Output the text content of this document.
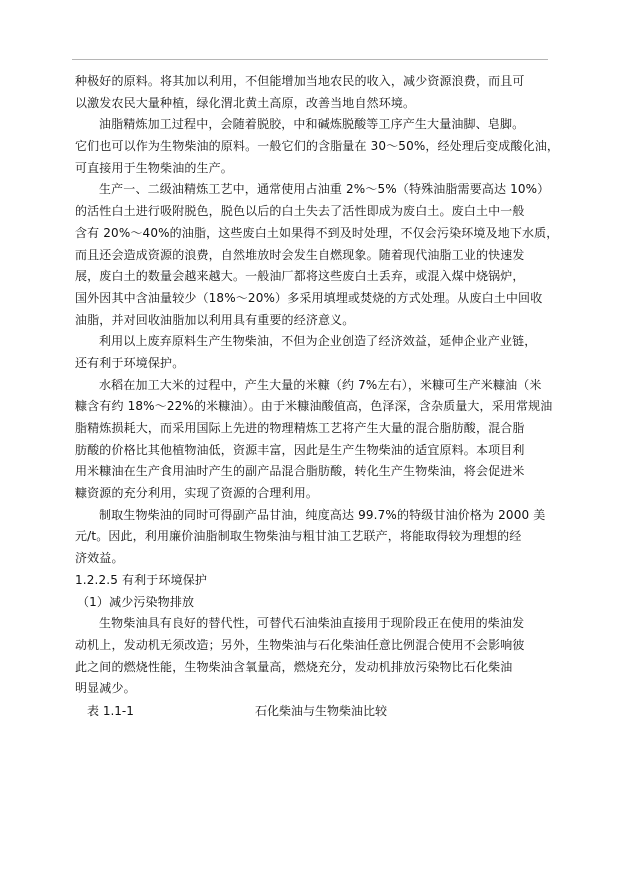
种极好的原料。将其加以利用，不但能增加当地农民的收入，减少资源浪费，而且可
以激发农民大量种植，绿化渭北黄土高原，改善当地自然环境。
油脂精炼加工过程中，会随着脱胶，中和碱炼脱酸等工序产生大量油脚、皂脚。
它们也可以作为生物柴油的原料。一般它们的含脂量在 30～50%，经处理后变成酸化油，
可直接用于生物柴油的生产。
生产一、二级油精炼工艺中，通常使用占油重 2%～5%（特殊油脂需要高达 10%）
的活性白土进行吸附脱色，脱色以后的白土失去了活性即成为废白土。废白土中一般
含有 20%～40%的油脂，这些废白土如果得不到及时处理，不仅会污染环境及地下水质，
而且还会造成资源的浪费，自然堆放时会发生自燃现象。随着现代油脂工业的快速发
展，废白土的数量会越来越大。一般油厂都将这些废白土丢弃，或混入煤中烧锅炉，
国外因其中含油量较少（18%～20%）多采用填埋或焚烧的方式处理。从废白土中回收
油脂，并对回收油脂加以利用具有重要的经济意义。
利用以上废弃原料生产生物柴油，不但为企业创造了经济效益，延伸企业产业链，
还有利于环境保护。
水稻在加工大米的过程中，产生大量的米糠（约 7%左右），米糠可生产米糠油（米
糠含有约 18%～22%的米糠油）。由于米糠油酸值高，色泽深，含杂质量大，采用常规油
脂精炼损耗大，而采用国际上先进的物理精炼工艺将产生大量的混合脂肪酸，混合脂
肪酸的价格比其他植物油低，资源丰富，因此是生产生物柴油的适宜原料。本项目利
用米糠油在生产食用油时产生的副产品混合脂肪酸，转化生产生物柴油，将会促进米
糠资源的充分利用，实现了资源的合理利用。
制取生物柴油的同时可得副产品甘油，纯度高达 99.7%的特级甘油价格为 2000 美
元/t。因此，利用廉价油脂制取生物柴油与粗甘油工艺联产，将能取得较为理想的经
济效益。
1.2.2.5 有利于环境保护
（1）减少污染物排放
生物柴油具有良好的替代性，可替代石油柴油直接用于现阶段正在使用的柴油发
动机上，发动机无须改造；另外，生物柴油与石化柴油任意比例混合使用不会影响彼
此之间的燃烧性能，生物柴油含氧量高，燃烧充分，发动机排放污染物比石化柴油
明显减少。
表 1.1-1	石化柴油与生物柴油比较
